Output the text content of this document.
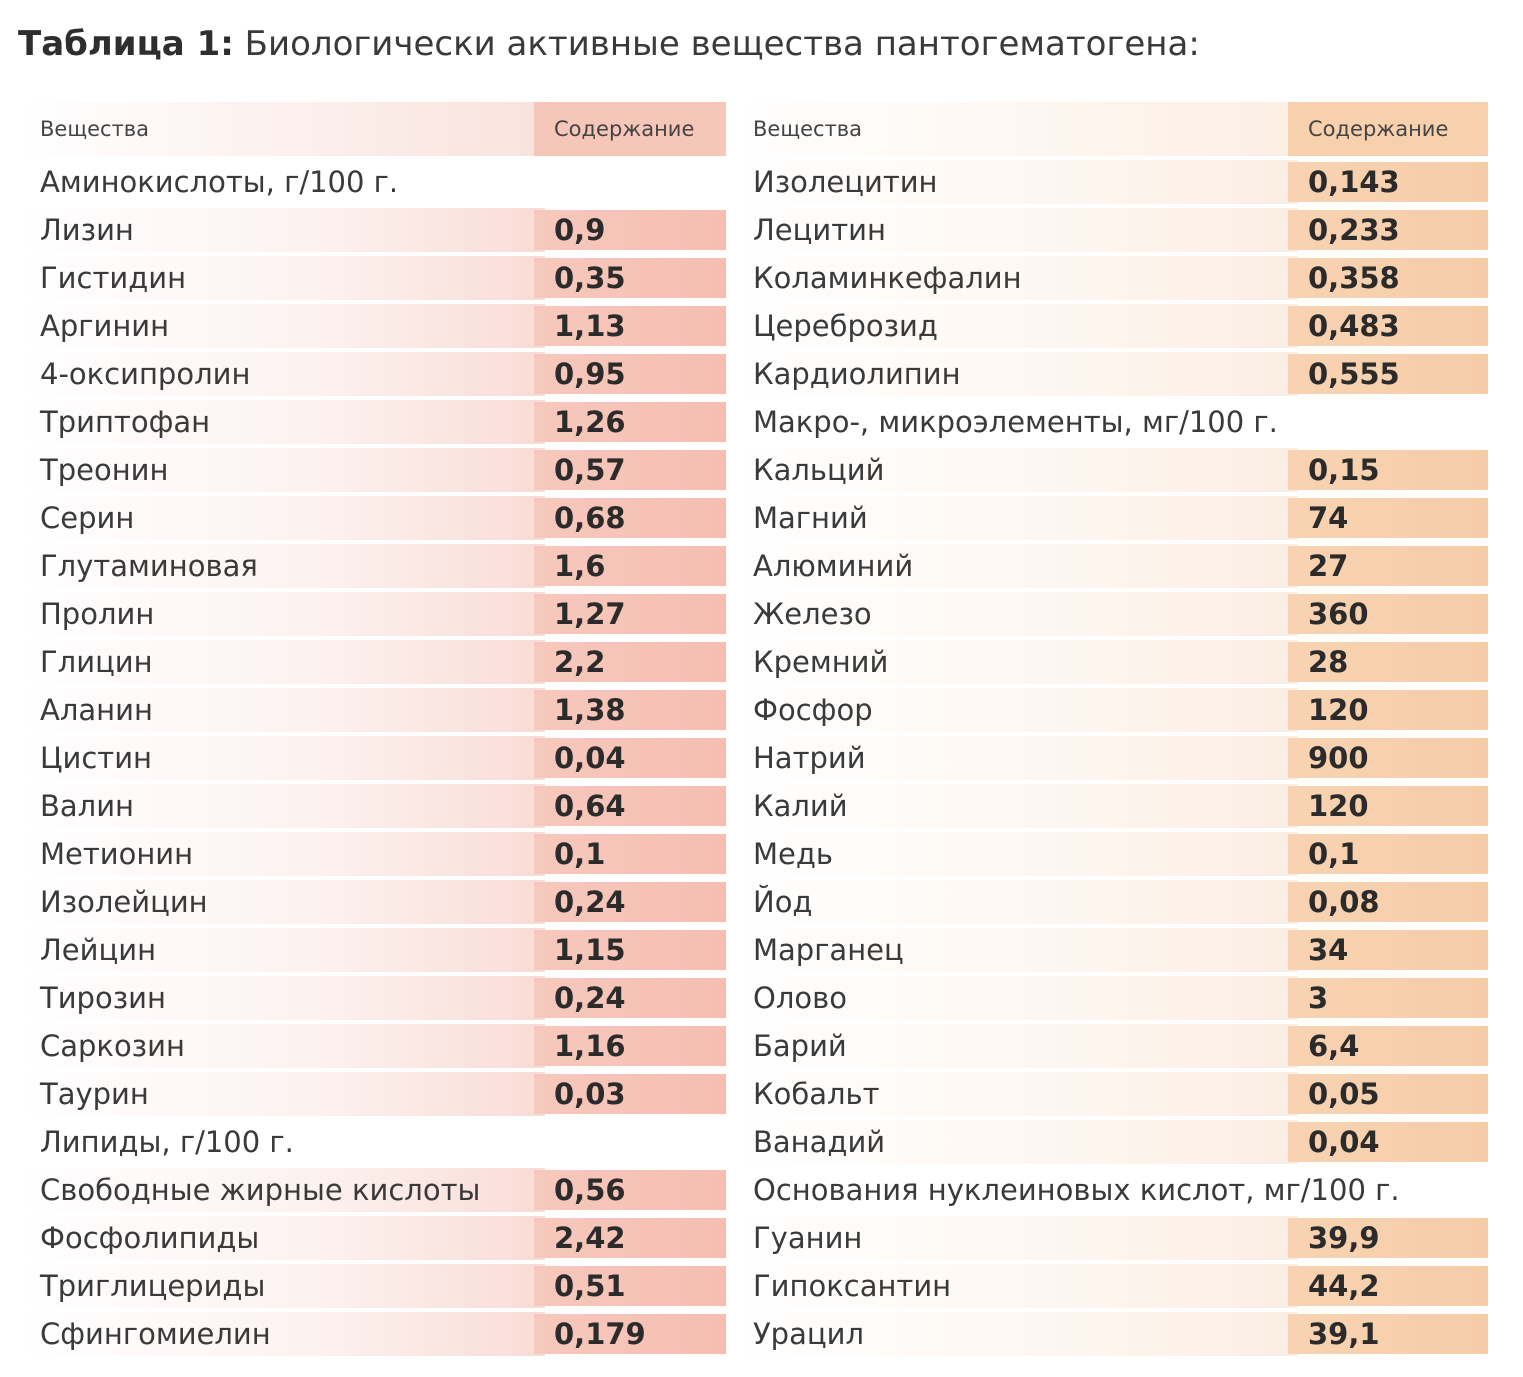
Таблица 1: Биологически активные вещества пантогематогена:
Вещества	Содержание
Аминокислоты, г/100 г.
Лизин	0,9
Гистидин	0,35
Аргинин	1,13
4-оксипролин	0,95
Триптофан	1,26
Треонин	0,57
Серин	0,68
Глутаминовая	1,6
Пролин	1,27
Глицин	2,2
Аланин	1,38
Цистин	0,04
Валин	0,64
Метионин	0,1
Изолейцин	0,24
Лейцин	1,15
Тирозин	0,24
Саркозин	1,16
Таурин	0,03
Липиды, г/100 г.
Свободные жирные кислоты	0,56
Фосфолипиды	2,42
Триглицериды	0,51
Сфингомиелин	0,179
Вещества	Содержание
Изолецитин	0,143
Лецитин	0,233
Коламинкефалин	0,358
Цереброзид	0,483
Кардиолипин	0,555
Макро-, микроэлементы, мг/100 г.
Кальций	0,15
Магний	74
Алюминий	27
Железо	360
Кремний	28
Фосфор	120
Натрий	900
Калий	120
Медь	0,1
Йод	0,08
Марганец	34
Олово	3
Барий	6,4
Кобальт	0,05
Ванадий	0,04
Основания нуклеиновых кислот, мг/100 г.
Гуанин	39,9
Гипоксантин	44,2
Урацил	39,1
